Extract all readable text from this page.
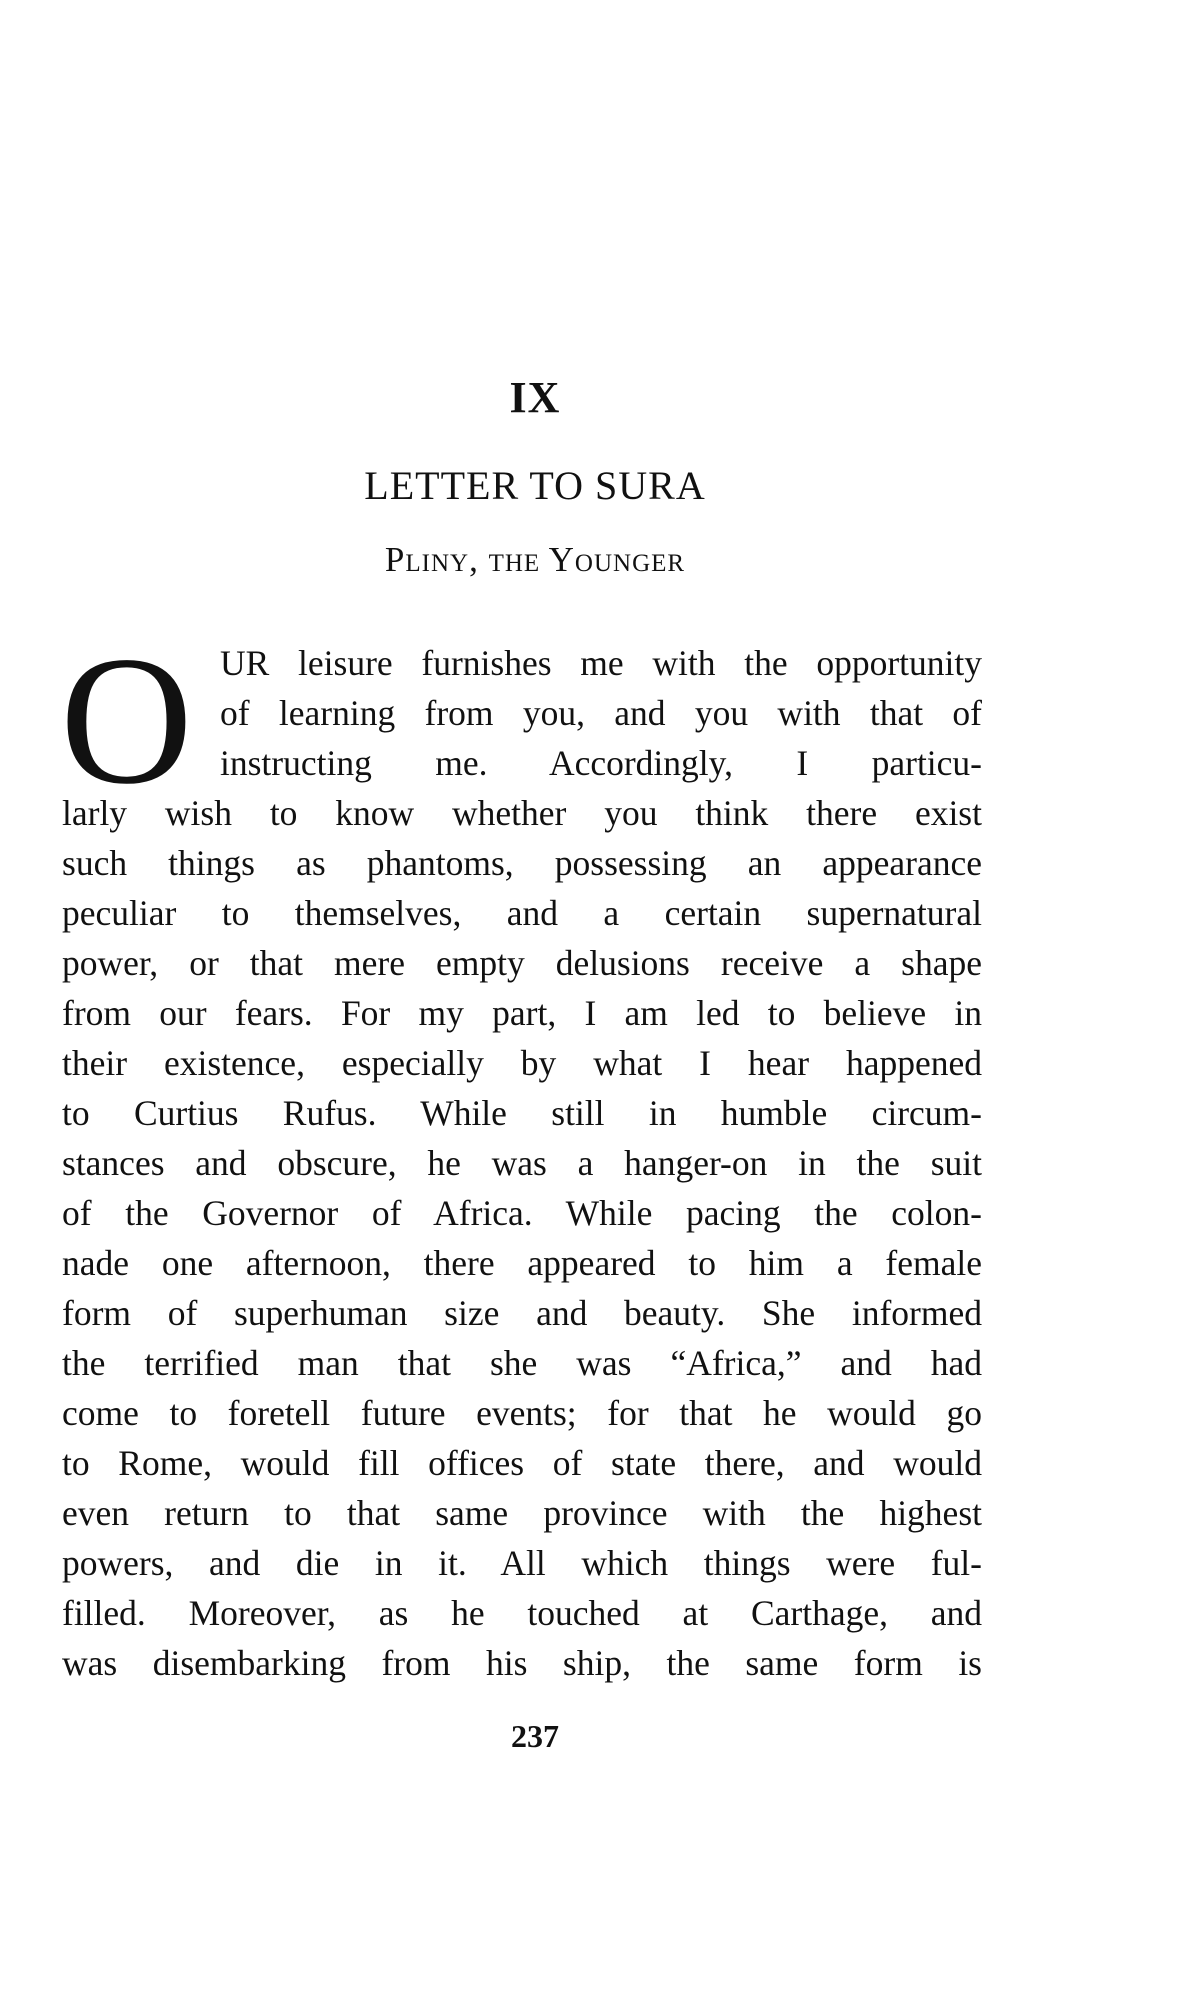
IX
LETTER TO SURA
Pliny, the Younger
O UR leisure furnishes me with the opportunity
of learning from you, and you with that of
instructing me. Accordingly, I particu-
larly wish to know whether you think there exist
such things as phantoms, possessing an appearance
peculiar to themselves, and a certain supernatural
power, or that mere empty delusions receive a shape
from our fears. For my part, I am led to believe in
their existence, especially by what I hear happened
to Curtius Rufus. While still in humble circum-
stances and obscure, he was a hanger-on in the suit
of the Governor of Africa. While pacing the colon-
nade one afternoon, there appeared to him a female
form of superhuman size and beauty. She informed
the terrified man that she was “Africa,” and had
come to foretell future events; for that he would go
to Rome, would fill offices of state there, and would
even return to that same province with the highest
powers, and die in it. All which things were ful-
filled. Moreover, as he touched at Carthage, and
was disembarking from his ship, the same form is
237
